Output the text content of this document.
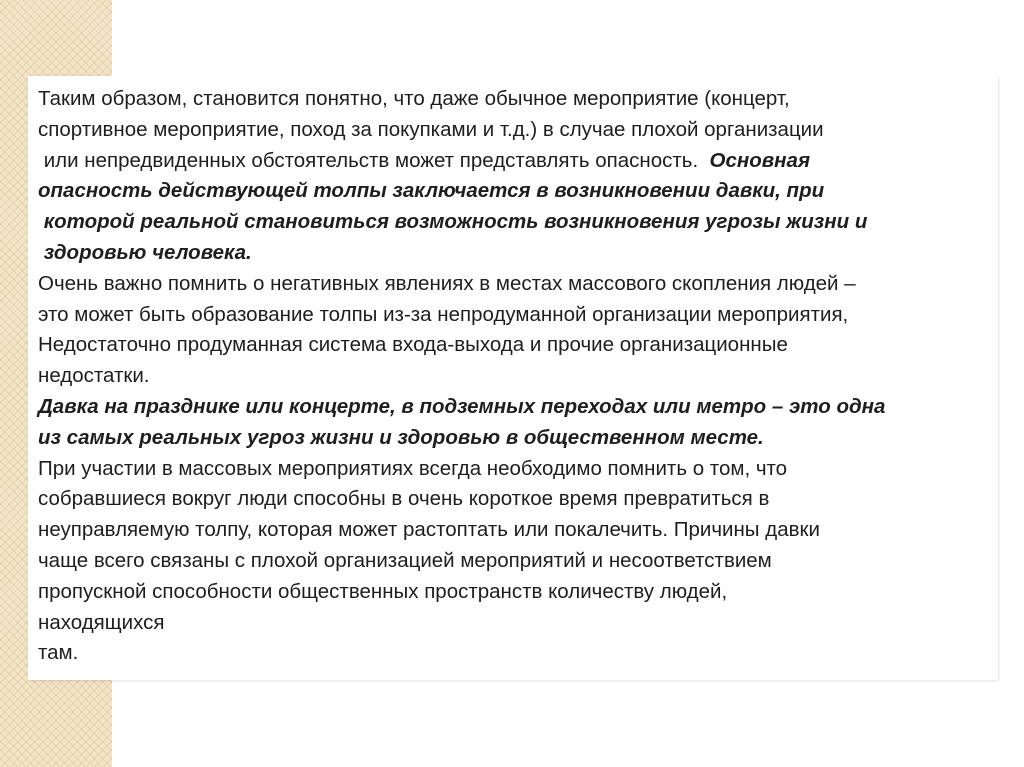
Таким образом, становится понятно, что даже обычное мероприятие (концерт,
спортивное мероприятие, поход за покупками и т.д.) в случае плохой организации
или непредвиденных обстоятельств может представлять опасность.  Основная
опасность действующей толпы заключается в возникновении давки, при
которой реальной становиться возможность возникновения угрозы жизни и
здоровью человека.
Очень важно помнить о негативных явлениях в местах массового скопления людей –
это может быть образование толпы из-за непродуманной организации мероприятия,
Недостаточно продуманная система входа-выхода и прочие организационные
недостатки.
Давка на празднике или концерте, в подземных переходах или метро – это одна
из самых реальных угроз жизни и здоровью в общественном месте.
При участии в массовых мероприятиях всегда необходимо помнить о том, что
собравшиеся вокруг люди способны в очень короткое время превратиться в
неуправляемую толпу, которая может растоптать или покалечить. Причины давки
чаще всего связаны с плохой организацией мероприятий и несоответствием
пропускной способности общественных пространств количеству людей,
находящихся
там.
